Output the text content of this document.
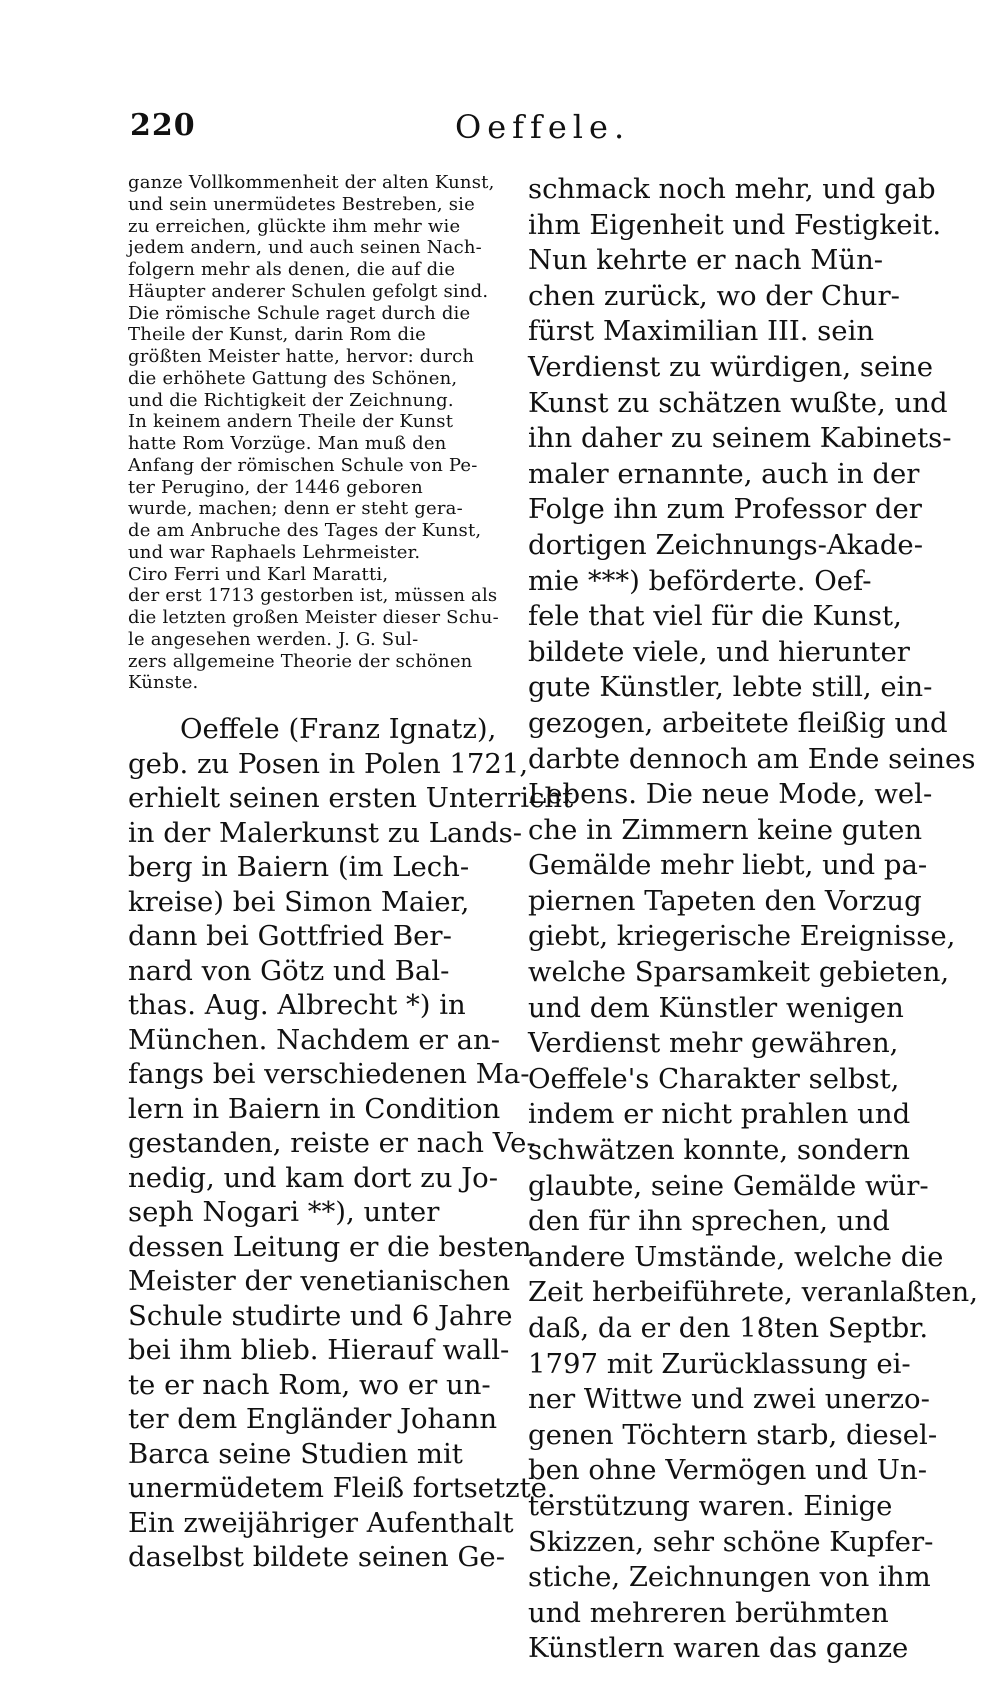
220	Oeffele.
ganze Vollkommenheit der alten Kunst,
und sein unermüdetes Bestreben, sie
zu erreichen, glückte ihm mehr wie
jedem andern, und auch seinen Nach-
folgern mehr als denen, die auf die
Häupter anderer Schulen gefolgt sind.
Die römische Schule raget durch die
Theile der Kunst, darin Rom die
größten Meister hatte, hervor: durch
die erhöhete Gattung des Schönen,
und die Richtigkeit der Zeichnung.
In keinem andern Theile der Kunst
hatte Rom Vorzüge. Man muß den
Anfang der römischen Schule von Pe-
ter Perugino, der 1446 geboren
wurde, machen; denn er steht gera-
de am Anbruche des Tages der Kunst,
und war Raphaels Lehrmeister.
Ciro Ferri und Karl Maratti,
der erst 1713 gestorben ist, müssen als
die letzten großen Meister dieser Schu-
le angesehen werden. J. G. Sul-
zers allgemeine Theorie der schönen
Künste.
Oeffele (Franz Ignatz),
geb. zu Posen in Polen 1721,
erhielt seinen ersten Unterricht
in der Malerkunst zu Lands-
berg in Baiern (im Lech-
kreise) bei Simon Maier,
dann bei Gottfried Ber-
nard von Götz und Bal-
thas. Aug. Albrecht *) in
München. Nachdem er an-
fangs bei verschiedenen Ma-
lern in Baiern in Condition
gestanden, reiste er nach Ve-
nedig, und kam dort zu Jo-
seph Nogari **), unter
dessen Leitung er die besten
Meister der venetianischen
Schule studirte und 6 Jahre
bei ihm blieb. Hierauf wall-
te er nach Rom, wo er un-
ter dem Engländer Johann
Barca seine Studien mit
unermüdetem Fleiß fortsetzte.
Ein zweijähriger Aufenthalt
daselbst bildete seinen Ge-
schmack noch mehr, und gab
ihm Eigenheit und Festigkeit.
Nun kehrte er nach Mün-
chen zurück, wo der Chur-
fürst Maximilian III. sein
Verdienst zu würdigen, seine
Kunst zu schätzen wußte, und
ihn daher zu seinem Kabinets-
maler ernannte, auch in der
Folge ihn zum Professor der
dortigen Zeichnungs-Akade-
mie ***) beförderte. Oef-
fele that viel für die Kunst,
bildete viele, und hierunter
gute Künstler, lebte still, ein-
gezogen, arbeitete fleißig und
darbte dennoch am Ende seines
Lebens. Die neue Mode, wel-
che in Zimmern keine guten
Gemälde mehr liebt, und pa-
piernen Tapeten den Vorzug
giebt, kriegerische Ereignisse,
welche Sparsamkeit gebieten,
und dem Künstler wenigen
Verdienst mehr gewähren,
Oeffele's Charakter selbst,
indem er nicht prahlen und
schwätzen konnte, sondern
glaubte, seine Gemälde wür-
den für ihn sprechen, und
andere Umstände, welche die
Zeit herbeiführete, veranlaßten,
daß, da er den 18ten Septbr.
1797 mit Zurücklassung ei-
ner Wittwe und zwei unerzo-
genen Töchtern starb, diesel-
ben ohne Vermögen und Un-
terstützung waren. Einige
Skizzen, sehr schöne Kupfer-
stiche, Zeichnungen von ihm
und mehreren berühmten
Künstlern waren das ganze
